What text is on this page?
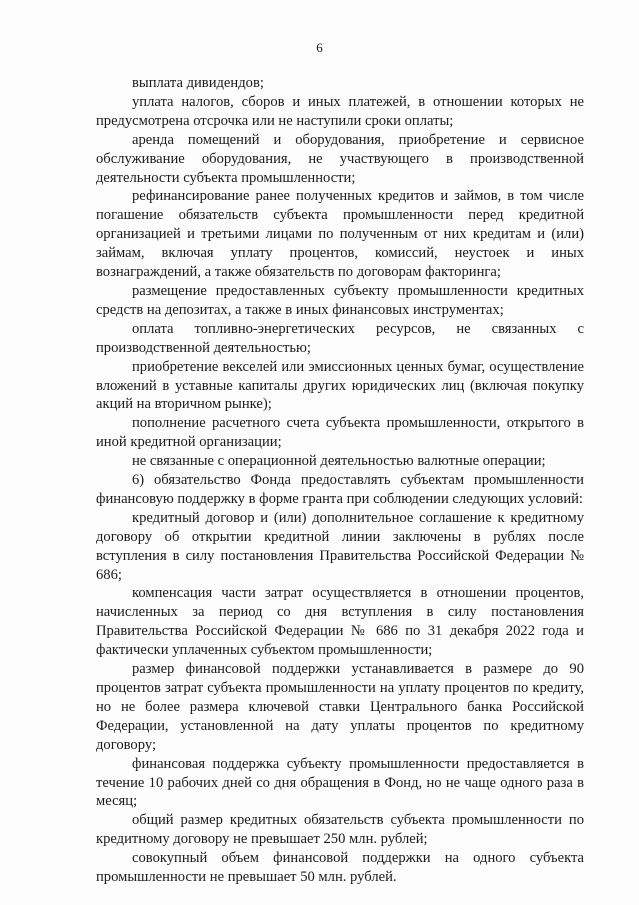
6

выплата дивидендов;

уплата налогов, сборов и иных платежей, в отношении которых не предусмотрена отсрочка или не наступили сроки оплаты;

аренда помещений и оборудования, приобретение и сервисное обслуживание оборудования, не участвующего в производственной деятельности субъекта промышленности;

рефинансирование ранее полученных кредитов и займов, в том числе погашение обязательств субъекта промышленности перед кредитной организацией и третьими лицами по полученным от них кредитам и (или) займам, включая уплату процентов, комиссий, неустоек и иных вознаграждений, а также обязательств по договорам факторинга;

размещение предоставленных субъекту промышленности кредитных средств на депозитах, а также в иных финансовых инструментах;

оплата топливно-энергетических ресурсов, не связанных с производственной деятельностью;

приобретение векселей или эмиссионных ценных бумаг, осуществление вложений в уставные капиталы других юридических лиц (включая покупку акций на вторичном рынке);

пополнение расчетного счета субъекта промышленности, открытого в иной кредитной организации;

не связанные с операционной деятельностью валютные операции;

6) обязательство Фонда предоставлять субъектам промышленности финансовую поддержку в форме гранта при соблюдении следующих условий:

кредитный договор и (или) дополнительное соглашение к кредитному договору об открытии кредитной линии заключены в рублях после вступления в силу постановления Правительства Российской Федерации № 686;

компенсация части затрат осуществляется в отношении процентов, начисленных за период со дня вступления в силу постановления Правительства Российской Федерации № 686 по 31 декабря 2022 года и фактически уплаченных субъектом промышленности;

размер финансовой поддержки устанавливается в размере до 90 процентов затрат субъекта промышленности на уплату процентов по кредиту, но не более размера ключевой ставки Центрального банка Российской Федерации, установленной на дату уплаты процентов по кредитному договору;

финансовая поддержка субъекту промышленности предоставляется в течение 10 рабочих дней со дня обращения в Фонд, но не чаще одного раза в месяц;

общий размер кредитных обязательств субъекта промышленности по кредитному договору не превышает 250 млн. рублей;

совокупный объем финансовой поддержки на одного субъекта промышленности не превышает 50 млн. рублей.
